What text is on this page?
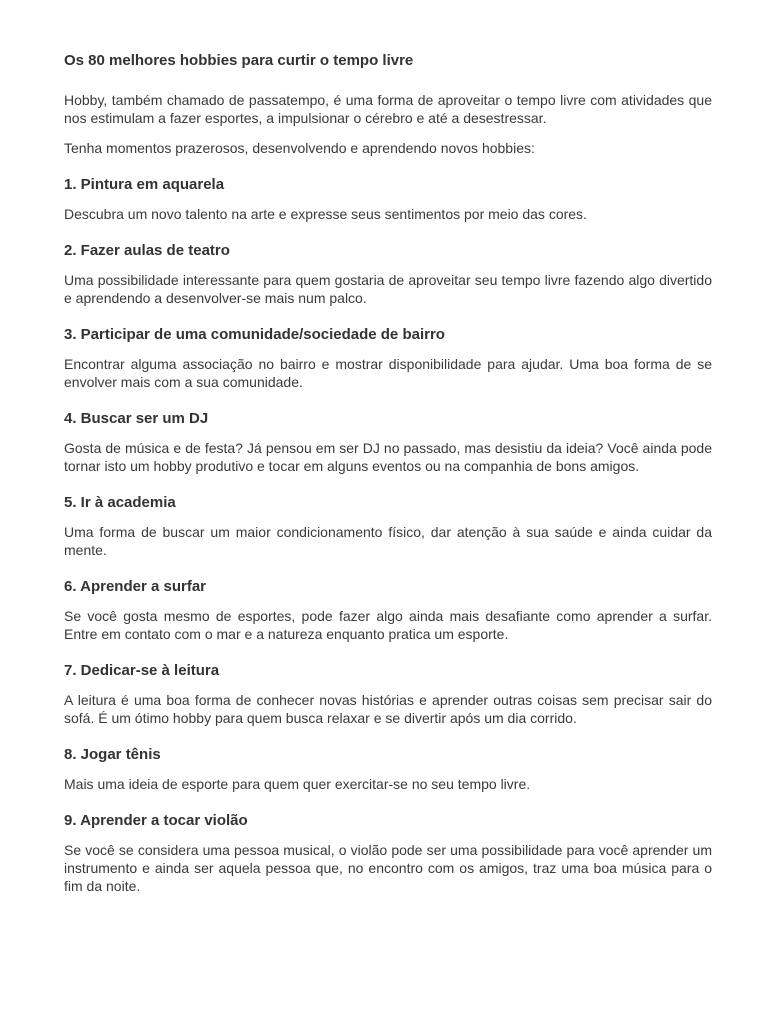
Os 80 melhores hobbies para curtir o tempo livre

Hobby, também chamado de passatempo, é uma forma de aproveitar o tempo livre com atividades que nos estimulam a fazer esportes, a impulsionar o cérebro e até a desestressar.

Tenha momentos prazerosos, desenvolvendo e aprendendo novos hobbies:

1. Pintura em aquarela

Descubra um novo talento na arte e expresse seus sentimentos por meio das cores.

2. Fazer aulas de teatro

Uma possibilidade interessante para quem gostaria de aproveitar seu tempo livre fazendo algo divertido e aprendendo a desenvolver-se mais num palco.

3. Participar de uma comunidade/sociedade de bairro

Encontrar alguma associação no bairro e mostrar disponibilidade para ajudar. Uma boa forma de se envolver mais com a sua comunidade.

4. Buscar ser um DJ

Gosta de música e de festa? Já pensou em ser DJ no passado, mas desistiu da ideia? Você ainda pode tornar isto um hobby produtivo e tocar em alguns eventos ou na companhia de bons amigos.

5. Ir à academia

Uma forma de buscar um maior condicionamento físico, dar atenção à sua saúde e ainda cuidar da mente.

6. Aprender a surfar

Se você gosta mesmo de esportes, pode fazer algo ainda mais desafiante como aprender a surfar. Entre em contato com o mar e a natureza enquanto pratica um esporte.

7. Dedicar-se à leitura

A leitura é uma boa forma de conhecer novas histórias e aprender outras coisas sem precisar sair do sofá. É um ótimo hobby para quem busca relaxar e se divertir após um dia corrido.

8. Jogar tênis

Mais uma ideia de esporte para quem quer exercitar-se no seu tempo livre.

9. Aprender a tocar violão

Se você se considera uma pessoa musical, o violão pode ser uma possibilidade para você aprender um instrumento e ainda ser aquela pessoa que, no encontro com os amigos, traz uma boa música para o fim da noite.
